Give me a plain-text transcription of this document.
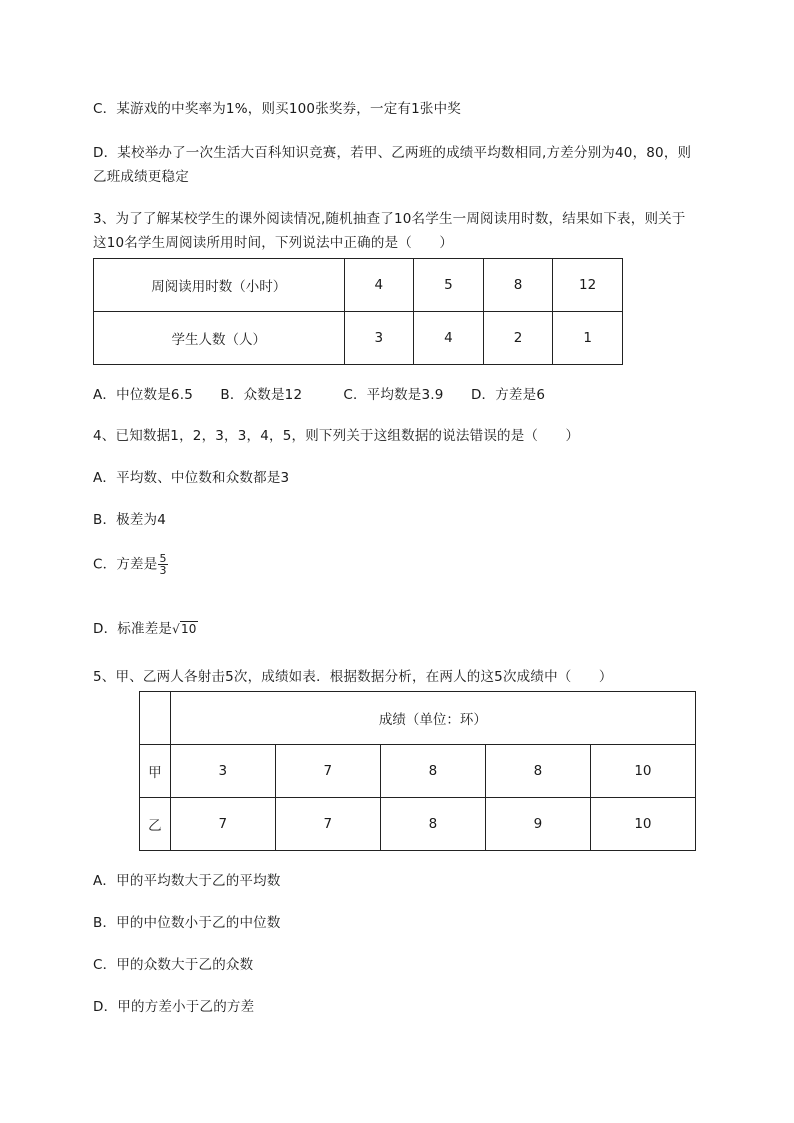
C．某游戏的中奖率为1%，则买100张奖券，一定有1张中奖
D．某校举办了一次生活大百科知识竞赛，若甲、乙两班的成绩平均数相同,方差分别为40，80，则
乙班成绩更稳定
3、为了了解某校学生的课外阅读情况,随机抽查了10名学生一周阅读用时数，结果如下表，则关于
这10名学生周阅读所用时间，下列说法中正确的是（　　）
周阅读用时数（小时）	4	5	8	12
学生人数（人）	3	4	2	1
A．中位数是6.5　　B．众数是12　　　C．平均数是3.9　　D．方差是6
4、已知数据1，2，3，3，4，5，则下列关于这组数据的说法错误的是（　　）
A．平均数、中位数和众数都是3
B．极差为4
C．方差是 $\frac{5}{3}$
D．标准差是√10
5、甲、乙两人各射击5次，成绩如表．根据数据分析，在两人的这5次成绩中（　　）
	成绩（单位：环）				
甲	3	7	8	8	10
乙	7	7	8	9	10
A．甲的平均数大于乙的平均数
B．甲的中位数小于乙的中位数
C．甲的众数大于乙的众数
D．甲的方差小于乙的方差
